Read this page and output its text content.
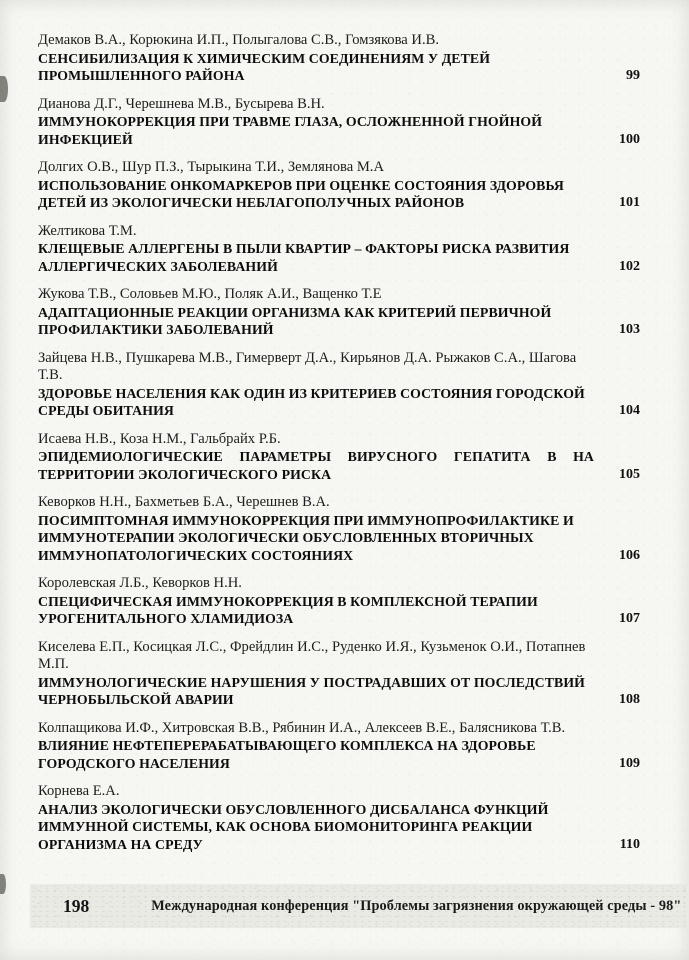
Демаков В.А., Корюкина И.П., Полыгалова С.В., Гомзякова И.В.
СЕНСИБИЛИЗАЦИЯ К ХИМИЧЕСКИМ СОЕДИНЕНИЯМ У ДЕТЕЙ ПРОМЫШЛЕННОГО РАЙОНА	99
Дианова Д.Г., Черешнева М.В., Бусырева В.Н.
ИММУНОКОРРЕКЦИЯ ПРИ ТРАВМЕ ГЛАЗА, ОСЛОЖНЕННОЙ ГНОЙНОЙ ИНФЕКЦИЕЙ	100
Долгих О.В., Шур П.З., Тырыкина Т.И., Землянова М.А
ИСПОЛЬЗОВАНИЕ ОНКОМАРКЕРОВ ПРИ ОЦЕНКЕ СОСТОЯНИЯ ЗДОРОВЬЯ ДЕТЕЙ ИЗ ЭКОЛОГИЧЕСКИ НЕБЛАГОПОЛУЧНЫХ РАЙОНОВ	101
Желтикова Т.М.
КЛЕЩЕВЫЕ АЛЛЕРГЕНЫ В ПЫЛИ КВАРТИР – ФАКТОРЫ РИСКА РАЗВИТИЯ АЛЛЕРГИЧЕСКИХ ЗАБОЛЕВАНИЙ	102
Жукова Т.В., Соловьев М.Ю., Поляк А.И., Ващенко Т.Е
АДАПТАЦИОННЫЕ РЕАКЦИИ ОРГАНИЗМА КАК КРИТЕРИЙ ПЕРВИЧНОЙ ПРОФИЛАКТИКИ ЗАБОЛЕВАНИЙ	103
Зайцева Н.В., Пушкарева М.В., Гимерверт Д.А., Кирьянов Д.А. Рыжаков С.А., Шагова Т.В.
ЗДОРОВЬЕ НАСЕЛЕНИЯ КАК ОДИН ИЗ КРИТЕРИЕВ СОСТОЯНИЯ ГОРОДСКОЙ СРЕДЫ ОБИТАНИЯ	104
Исаева Н.В., Коза Н.М., Гальбрайх Р.Б.
ЭПИДЕМИОЛОГИЧЕСКИЕ ПАРАМЕТРЫ ВИРУСНОГО ГЕПАТИТА В НА ТЕРРИТОРИИ ЭКОЛОГИЧЕСКОГО РИСКА	105
Кеворков Н.Н., Бахметьев Б.А., Черешнев В.А.
ПОСИМПТОМНАЯ ИММУНОКОРРЕКЦИЯ ПРИ ИММУНОПРОФИЛАКТИКЕ И ИММУНОТЕРАПИИ ЭКОЛОГИЧЕСКИ ОБУСЛОВЛЕННЫХ ВТОРИЧНЫХ ИММУНОПАТОЛОГИЧЕСКИХ СОСТОЯНИЯХ	106
Королевская Л.Б., Кеворков Н.Н.
СПЕЦИФИЧЕСКАЯ ИММУНОКОРРЕКЦИЯ В КОМПЛЕКСНОЙ ТЕРАПИИ УРОГЕНИТАЛЬНОГО ХЛАМИДИОЗА	107
Киселева Е.П., Косицкая Л.С., Фрейдлин И.С., Руденко И.Я., Кузьменок О.И., Потапнев М.П.
ИММУНОЛОГИЧЕСКИЕ НАРУШЕНИЯ У ПОСТРАДАВШИХ ОТ ПОСЛЕДСТВИЙ ЧЕРНОБЫЛЬСКОЙ АВАРИИ	108
Колпащикова И.Ф., Хитровская В.В., Рябинин И.А., Алексеев В.Е., Балясникова Т.В.
ВЛИЯНИЕ НЕФТЕПЕРЕРАБАТЫВАЮЩЕГО КОМПЛЕКСА НА ЗДОРОВЬЕ ГОРОДСКОГО НАСЕЛЕНИЯ	109
Корнева Е.А.
АНАЛИЗ ЭКОЛОГИЧЕСКИ ОБУСЛОВЛЕННОГО ДИСБАЛАНСА ФУНКЦИЙ ИММУННОЙ СИСТЕМЫ, КАК ОСНОВА БИОМОНИТОРИНГА РЕАКЦИИ ОРГАНИЗМА НА СРЕДУ	110
198	Международная конференция "Проблемы загрязнения окружающей среды - 98"
